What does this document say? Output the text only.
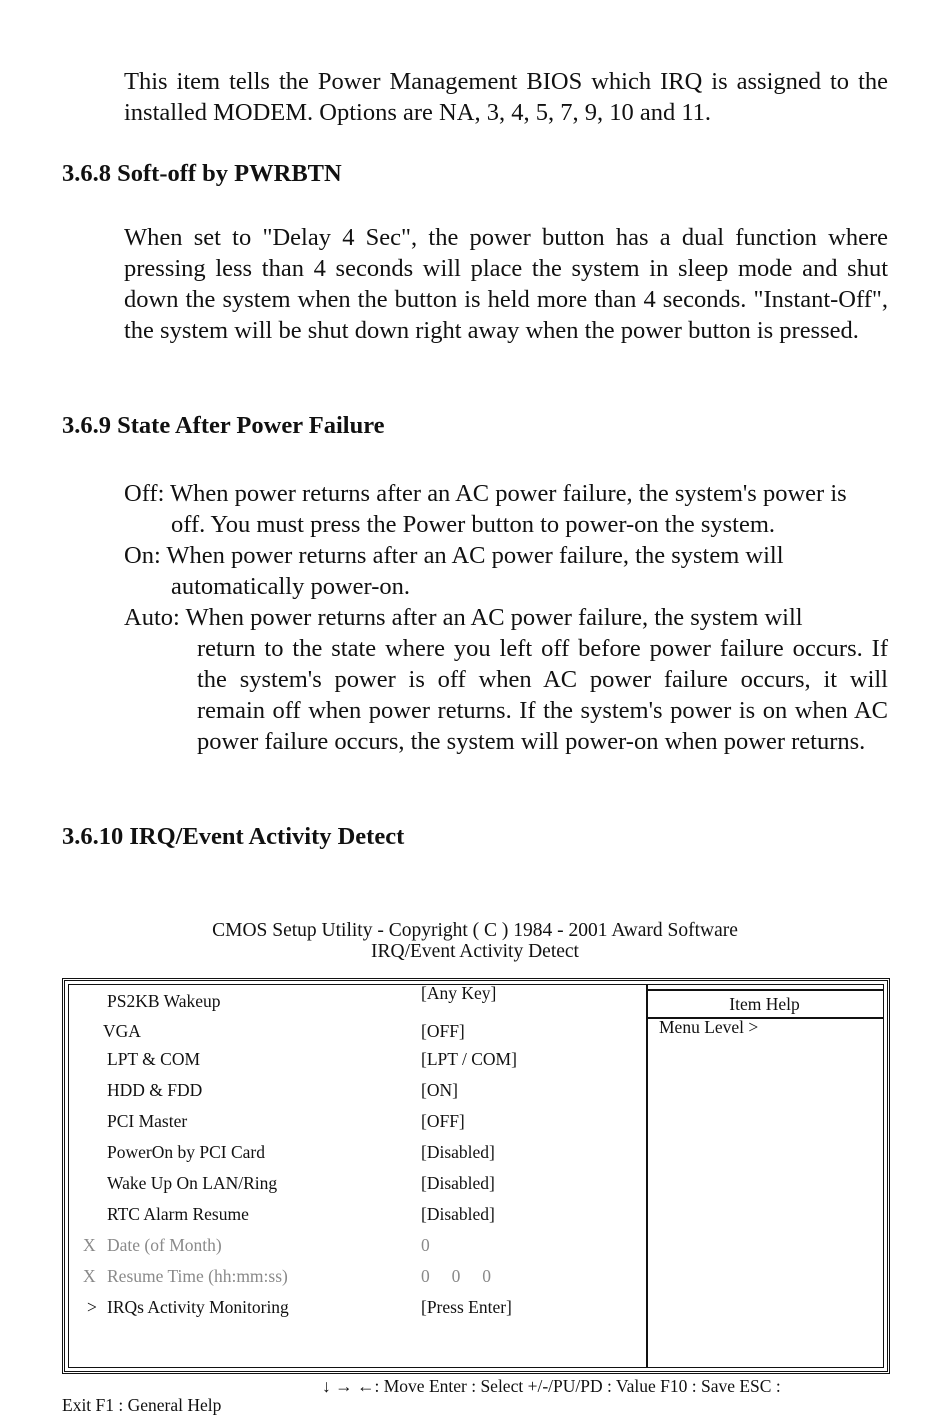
This item tells the Power Management BIOS which IRQ is assigned to the installed MODEM. Options are NA, 3, 4, 5, 7, 9, 10 and 11.

3.6.8 Soft-off by PWRBTN

When set to "Delay 4 Sec", the power button has a dual function where pressing less than 4 seconds will place the system in sleep mode and shut down the system when the button is held more than 4 seconds. "Instant-Off", the system will be shut down right away when the power button is pressed.

3.6.9 State After Power Failure
Off: When power returns after an AC power failure, the system's power is
off. You must press the Power button to power-on the system.
On: When power returns after an AC power failure, the system will
automatically power-on.
Auto: When power returns after an AC power failure, the system will
return to the state where you left off before power failure occurs. If the system's power is off when AC power failure occurs, it will remain off when power returns. If the system's power is on when AC power failure occurs, the system will power-on when power returns.
3.6.10 IRQ/Event Activity Detect
CMOS Setup Utility - Copyright ( C ) 1984 - 2001 Award Software
IRQ/Event Activity Detect
Item Help
Menu Level >
PS2KB Wakeup	[Any Key]
VGA	[OFF]
LPT & COM	[LPT / COM]
HDD & FDD	[ON]
PCI Master	[OFF]
PowerOn by PCI Card	[Disabled]
Wake Up On LAN/Ring	[Disabled]
RTC Alarm Resume	[Disabled]
X Date (of Month)	0
X Resume Time (hh:mm:ss)	0     0     0
> IRQs Activity Monitoring	[Press Enter]
↓ → ←: Move Enter : Select +/-/PU/PD : Value F10 : Save ESC :
Exit F1 : General Help
